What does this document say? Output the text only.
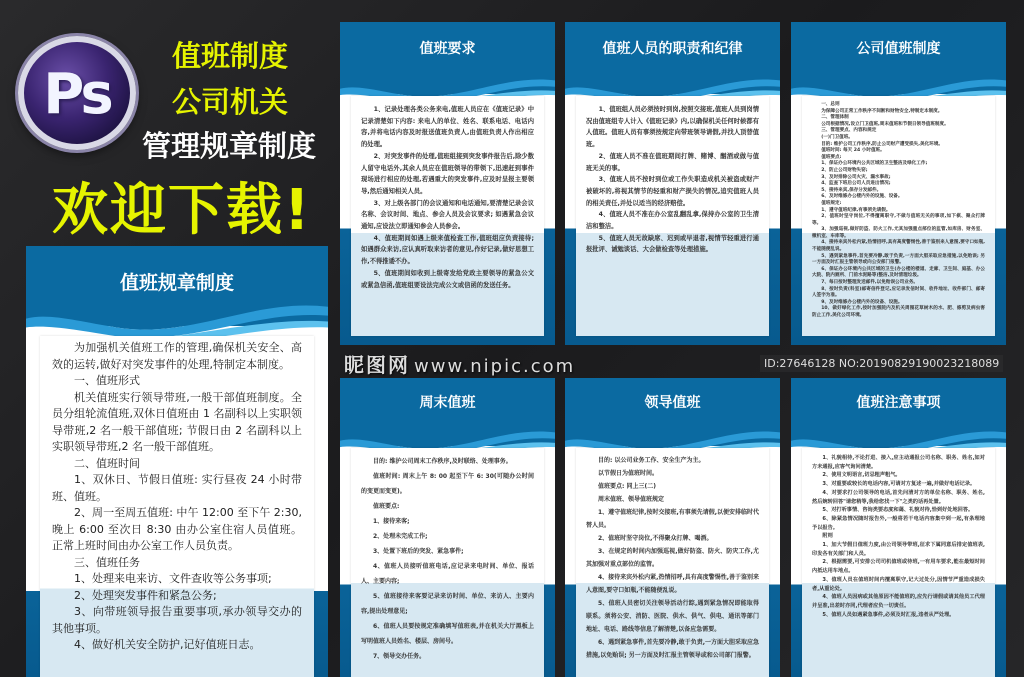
Ps
值班制度
公司机关
管理规章制度
欢迎下载!
值班规章制度

为加强机关值班工作的管理,确保机关安全、高效的运转,做好对突发事件的处理,特制定本制度。

一、值班形式

机关值班实行领导带班,一般干部值班制度。全员分组轮流值班,双休日值班由 1 名副科以上实职领导带班,2 名一般干部值班; 节假日由 2 名副科以上实职领导带班,2 名一般干部值班。

二、值班时间

1、双休日、节假日值班: 实行昼夜 24 小时带班、值班。

2、周一至周五值班: 中午 12:00 至下午 2:30,晚上 6:00 至次日 8:30 由办公室住宿人员值班。正常上班时间由办公室工作人员负责。

三、值班任务

1、处理来电来访、文件查收等公务事项;

2、处理突发事件和紧急公务;

3、向带班领导报告重要事项,承办领导交办的其他事项。

4、做好机关安全防护,记好值班日志。

值班要求

1、记录处理各类公务来电,值班人员应在《值班记录》中记录清楚如下内容: 来电人的单位、姓名、联系电话、电话内容,并将电话内容及时报送值班负责人,由值班负责人作出相应的处理。

2、对突发事件的处理,值班组接到突发事件报告后,除少数人留守电话外,其余人员应在值班领导的带领下,迅速赶到事件现场进行相应的处理,若遇重大的突发事件,应及时呈报主要领导,然后通知相关人员。

3、对上级各部门的会议通知和电话通知,要清楚记录会议名称、会议时间、地点、参会人员及会议要求; 如遇紧急会议通知,应设法立即通知参会人员参会。

4、值班期间如遇上级来值检查工作,值班组应负责接待; 如遇群众来访,应认真听取来访者的意见,作好记录,做好思想工作,不得推诿不办。

5、值班期间如收到上级寄发给党政主要领导的紧急公文或紧急信函,值班组要设法完成公文或信函的发送任务。

值班人员的职责和纪律

1、值班组人员必须按时到岗,按照交接班,值班人员到岗情况由值班组专人计入《值班记录》内,以确保机关任何时候都有人值班。值班人员有事须按规定向带班领导请假,并找人顶替值班。

2、值班人员不准在值班期间打牌、赌博、酗酒或做与值班无关的事。

3、值班人员不按时到位或工作失职造成机关被盗或财产被破坏的,将视其情节的轻重和财产损失的情况,追究值班人员的相关责任,并处以适当的经济赔偿。

4、值班人员不准在办公室乱翻乱拿,保持办公室的卫生清洁和整洁。

5、值班人员无故缺席、迟到或早退者,视情节轻重进行通报批评、诫勉谈话、大会做检查等处理措施。

公司值班制度

一、总则

为保障公司正常工作秩序不间断和财物安全,特制定本制度。

二、管理体制

公司根据情况,设立门卫值班,周末值班和节假日领导值班制度。

三、管理要点、内容和规定

(一)门卫值班。

目的: 维护公司工作秩序,防止公司财产遭受损失,美化环境。

值班时间: 每天 24 小时值班。

值班要点:

1、保证办公环境内公共区域的卫生整洁及绿化工作;

2、防止公司财物失窃;

3、及时排除公司火灾、漏水事故;

4、监查下班后公司人员进出情况;

5、接待来宾,保存分发邮件。

6、及时维修办公楼内外的设施、设备。

值班规定:

1、遵守值班纪律,有事须先请假。

2、值班时坚守岗位,不得擅离职守,不做与值班无关的事项,如下棋、聚众打牌等。

3、加强巡视,做好防盗、防火工作,尤其加强重点部位的监管,如库房、财务室、微机室、车库等。

4、接待来宾外松内紧,热情招呼,具有高度警惕性,善于鉴别来人意图,要守口如瓶,不能随便乱说。

5、遇到紧急事件,首先要冷静,敢于负责,一方面大胆采取应急措施,以免贻误; 另一方面及时汇报主管领导或向公安部门报警。

6、保证办公环境内公共区域的卫生(办公楼的楼道、走廊、卫生间、庭基、办公大院、院内厕所、门前水泥路等)整洁,及时清理垃圾。

7、每日按时整理发送邮件,以免贻误公司业务。

8、按时负责(科室)邮寄信件登记,应记录发信时间、收件地址、收件部门、邮寄人签字为准。

9、及时维修办公楼内外的设备、设施。

10、做好绿化工作,按时加强院内及机关周围花草树木的水、肥、修剪及病虫害防止工作,美化公司环境。

周末值班

目的: 维护公司周末工作秩序,及时联络、处理事务。

值班时间: 周末上午 8: 00 起至下午 6: 30(可随办公时间的变更而变更)。

值班要点:

1、接待来客;

2、处理未完成工作;

3、处置下班后的突发、紧急事件;

4、值班人员接听值班电话,应记录来电时间、单位、报话人、主要内容;

5、值班接待来客要记录来访时间、单位、来访人、主要内容,提出处理意见;

6、值班人员要按规定准确填写值班表,并在机关大厅黑板上写明值班人员姓名、楼层、房间号。

7、领导交办任务。

领导值班

目的: 以公司业务工作、安全生产为主。

以节假日为值班时间。

值班要点: 同上三(二)

周末值班、领导值班规定

1、遵守值班纪律,按时交接班,有事须先请假,以便安排临时代替人员。

2、值班时坚守岗位,不得聚众打牌、喝酒。

3、在规定的时间内加强巡视,做好防盗、防火、防灾工作,尤其加强对重点部位的监管。

4、接待来宾外松内紧,热情招呼,具有高度警惕性,善于鉴别来人意图,要守口如瓶,不能随便乱说。

5、值班人员密切关注领导活动行踪,遇到紧急情况即能取得联系。须将公安、消防、医院、供水、供气、供电、通讯等部门地址、电话、路线等信息了解清楚,以备应急需要。

6、遇到紧急事件,首先要冷静,敢于负责,一方面大胆采取应急措施,以免贻误; 另一方面及时汇报主管领导或和公司部门报警。

值班注意事项

1、礼貌相待,不论打进、接入,应主动通报公司名称、职务、姓名,如对方未通报,应客气询问清楚。

2、使用文明语言,切忌粗声粗气。

3、对重要或较长的电话内容,可请对方复述一遍,并做好电话记录。

4、对要求打公司领导的电话,首先问清对方的单位名称、职务、姓名,然后婉转回答"请您稍等,我给您找一下"之类的话再处置。

5、对打听事情、咨询类要态度和蔼、礼貌对待,恰到好处地回答。

6、除紧急情况随时报告外,一般将若干电话内容集中到一起,有条理地予以报告。

附则

1、加大节假日值班力度,由公司领导带班,征求下属同意后排定值班表,印发各有关部门和人员。

2、根据需要,可安排公司司机值班或待班,一有用车要求,能在最短时间内抵达用车地点。

3、值班人员在值班时间内擅离职守,记大过处分,因情节严重造成损失者,从重论处。

4、值班人员因病或其他原因不能值班的,应先行请假或请其他员工代理并呈准,出差时亦同,代理者应负一切责任。

5、值班人员如遇紧急事件,必须及时汇报,违者从严处理。

昵图网 www.nipic.com	ID:27646128 NO:20190829190023218089
